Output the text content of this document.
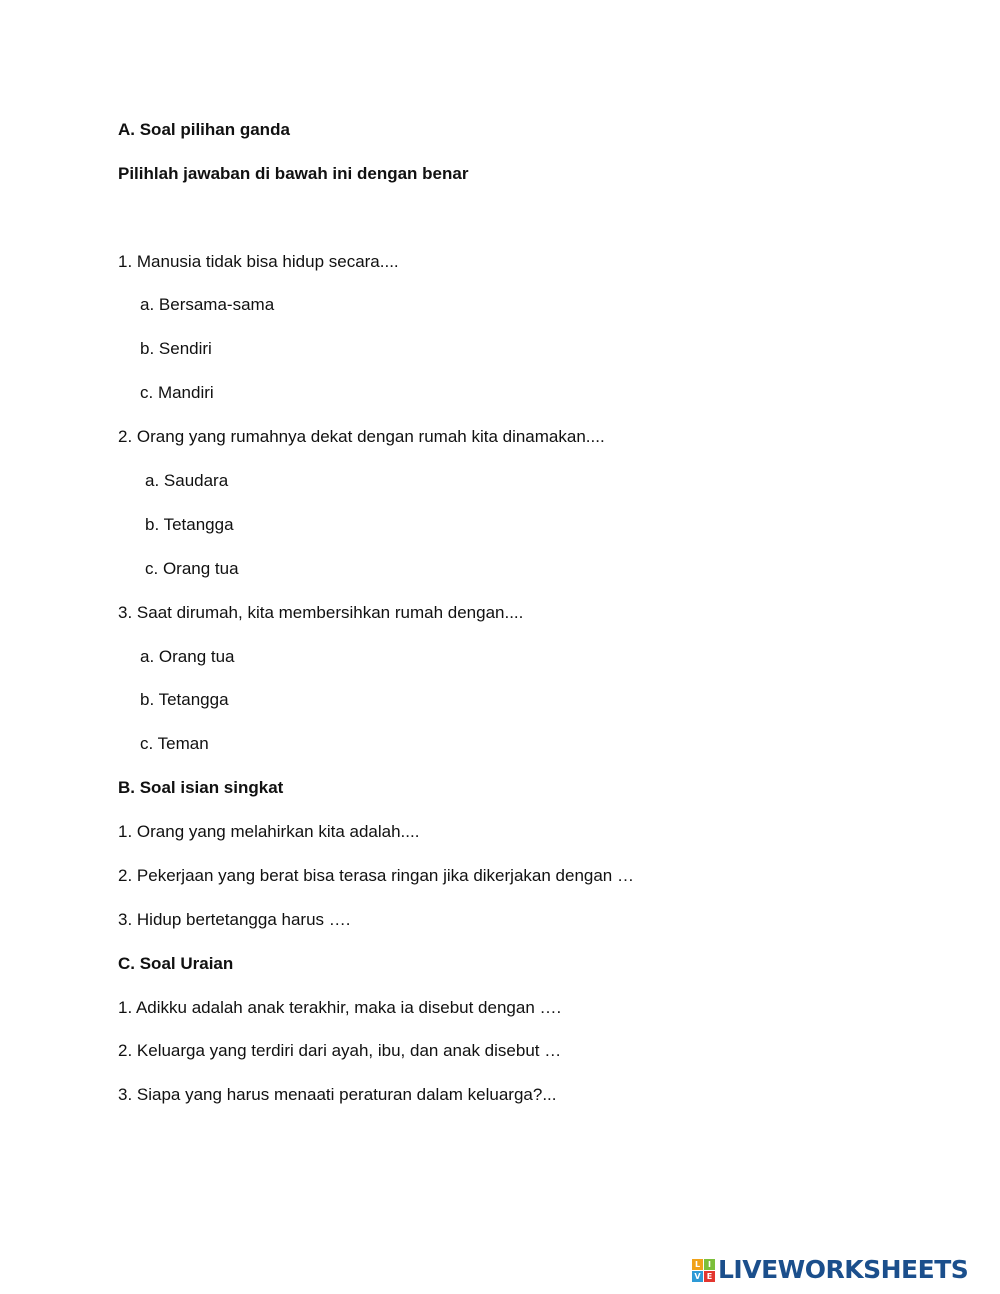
A. Soal pilihan ganda
Pilihlah jawaban di bawah ini dengan benar
1. Manusia tidak bisa hidup secara....
a. Bersama-sama
b. Sendiri
c. Mandiri
2. Orang yang rumahnya dekat dengan rumah kita dinamakan....
a. Saudara
b. Tetangga
c. Orang tua
3. Saat dirumah, kita membersihkan rumah dengan....
a. Orang tua
b. Tetangga
c. Teman
B. Soal isian singkat
1. Orang yang melahirkan kita adalah....
2. Pekerjaan yang berat bisa terasa ringan jika dikerjakan dengan …
3. Hidup bertetangga harus ….
C. Soal Uraian
1. Adikku adalah anak terakhir, maka ia disebut dengan ….
2. Keluarga yang terdiri dari ayah, ibu, dan anak disebut …
3. Siapa yang harus menaati peraturan dalam keluarga?...
L I
V E LIVEWORKSHEETS
